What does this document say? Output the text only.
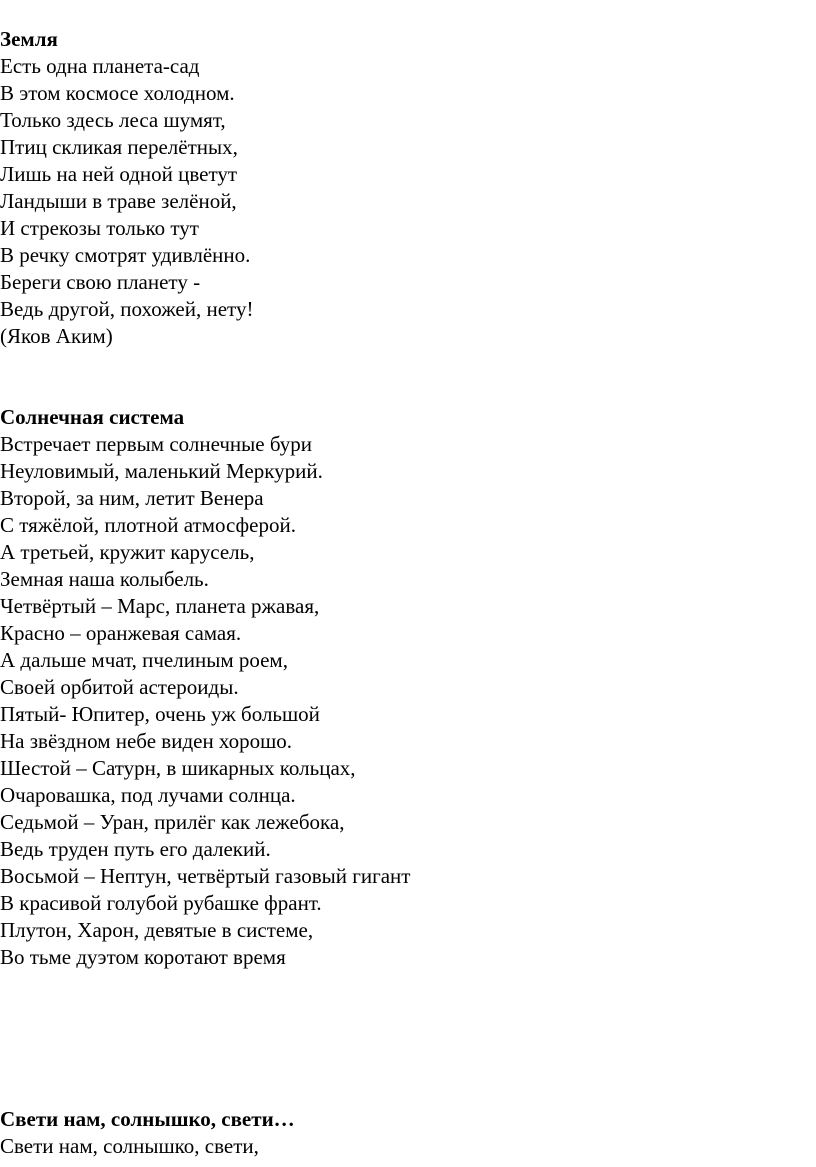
Земля
Есть одна планета-сад
В этом космосе холодном.
Только здесь леса шумят,
Птиц скликая перелётных,
Лишь на ней одной цветут
Ландыши в траве зелёной,
И стрекозы только тут
В речку смотрят удивлённо.
Береги свою планету -
Ведь другой, похожей, нету!
(Яков Аким)
Солнечная система
Встречает первым солнечные бури
Неуловимый, маленький Меркурий.
Второй, за ним, летит Венера
С тяжёлой, плотной атмосферой.
А третьей, кружит карусель,
Земная наша колыбель.
Четвёртый – Марс, планета ржавая,
Красно – оранжевая самая.
А дальше мчат, пчелиным роем,
Своей орбитой астероиды.
Пятый- Юпитер, очень уж большой
На звёздном небе виден хорошо.
Шестой – Сатурн, в шикарных кольцах,
Очаровашка, под лучами солнца.
Седьмой – Уран, прилёг как лежебока,
Ведь труден путь его далекий.
Восьмой – Нептун, четвёртый газовый гигант
В красивой голубой рубашке франт.
Плутон, Харон, девятые в системе,
Во тьме дуэтом коротают время
Свети нам, солнышко, свети…
Свети нам, солнышко, свети,
